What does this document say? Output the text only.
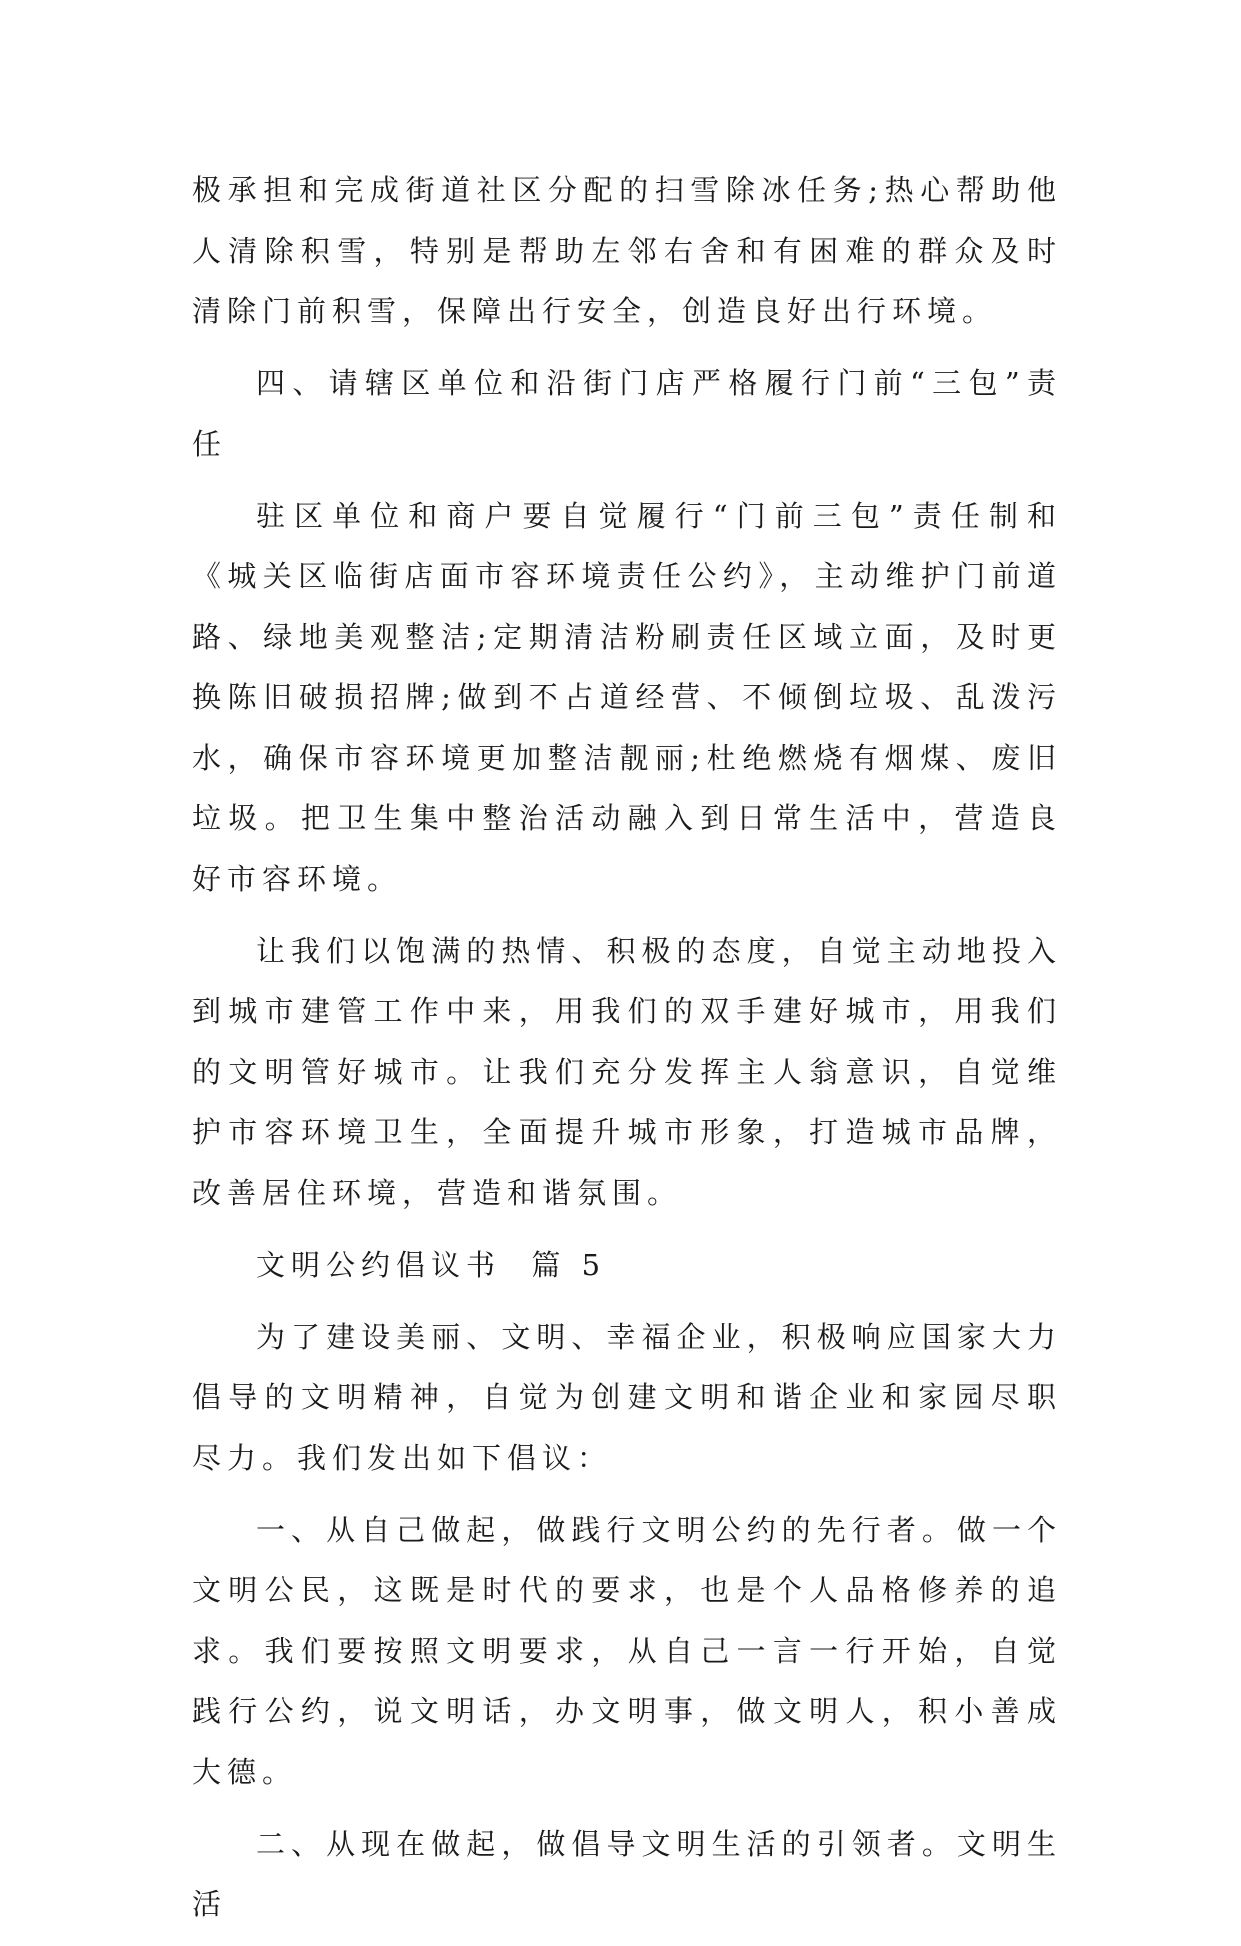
极承担和完成街道社区分配的扫雪除冰任务;热心帮助他人清除积雪，特别是帮助左邻右舍和有困难的群众及时清除门前积雪，保障出行安全，创造良好出行环境。

四、请辖区单位和沿街门店严格履行门前“三包”责任

驻区单位和商户要自觉履行“门前三包”责任制和《城关区临街店面市容环境责任公约》，主动维护门前道路、绿地美观整洁;定期清洁粉刷责任区域立面，及时更换陈旧破损招牌;做到不占道经营、不倾倒垃圾、乱泼污水，确保市容环境更加整洁靓丽;杜绝燃烧有烟煤、废旧垃圾。把卫生集中整治活动融入到日常生活中，营造良好市容环境。

让我们以饱满的热情、积极的态度，自觉主动地投入到城市建管工作中来，用我们的双手建好城市，用我们的文明管好城市。让我们充分发挥主人翁意识，自觉维护市容环境卫生，全面提升城市形象，打造城市品牌，改善居住环境，营造和谐氛围。

文明公约倡议书  篇 5

为了建设美丽、文明、幸福企业，积极响应国家大力倡导的文明精神，自觉为创建文明和谐企业和家园尽职尽力。我们发出如下倡议：

一、从自己做起，做践行文明公约的先行者。做一个文明公民，这既是时代的要求，也是个人品格修养的追求。我们要按照文明要求，从自己一言一行开始，自觉践行公约，说文明话，办文明事，做文明人，积小善成大德。

二、从现在做起，做倡导文明生活的引领者。文明生活
